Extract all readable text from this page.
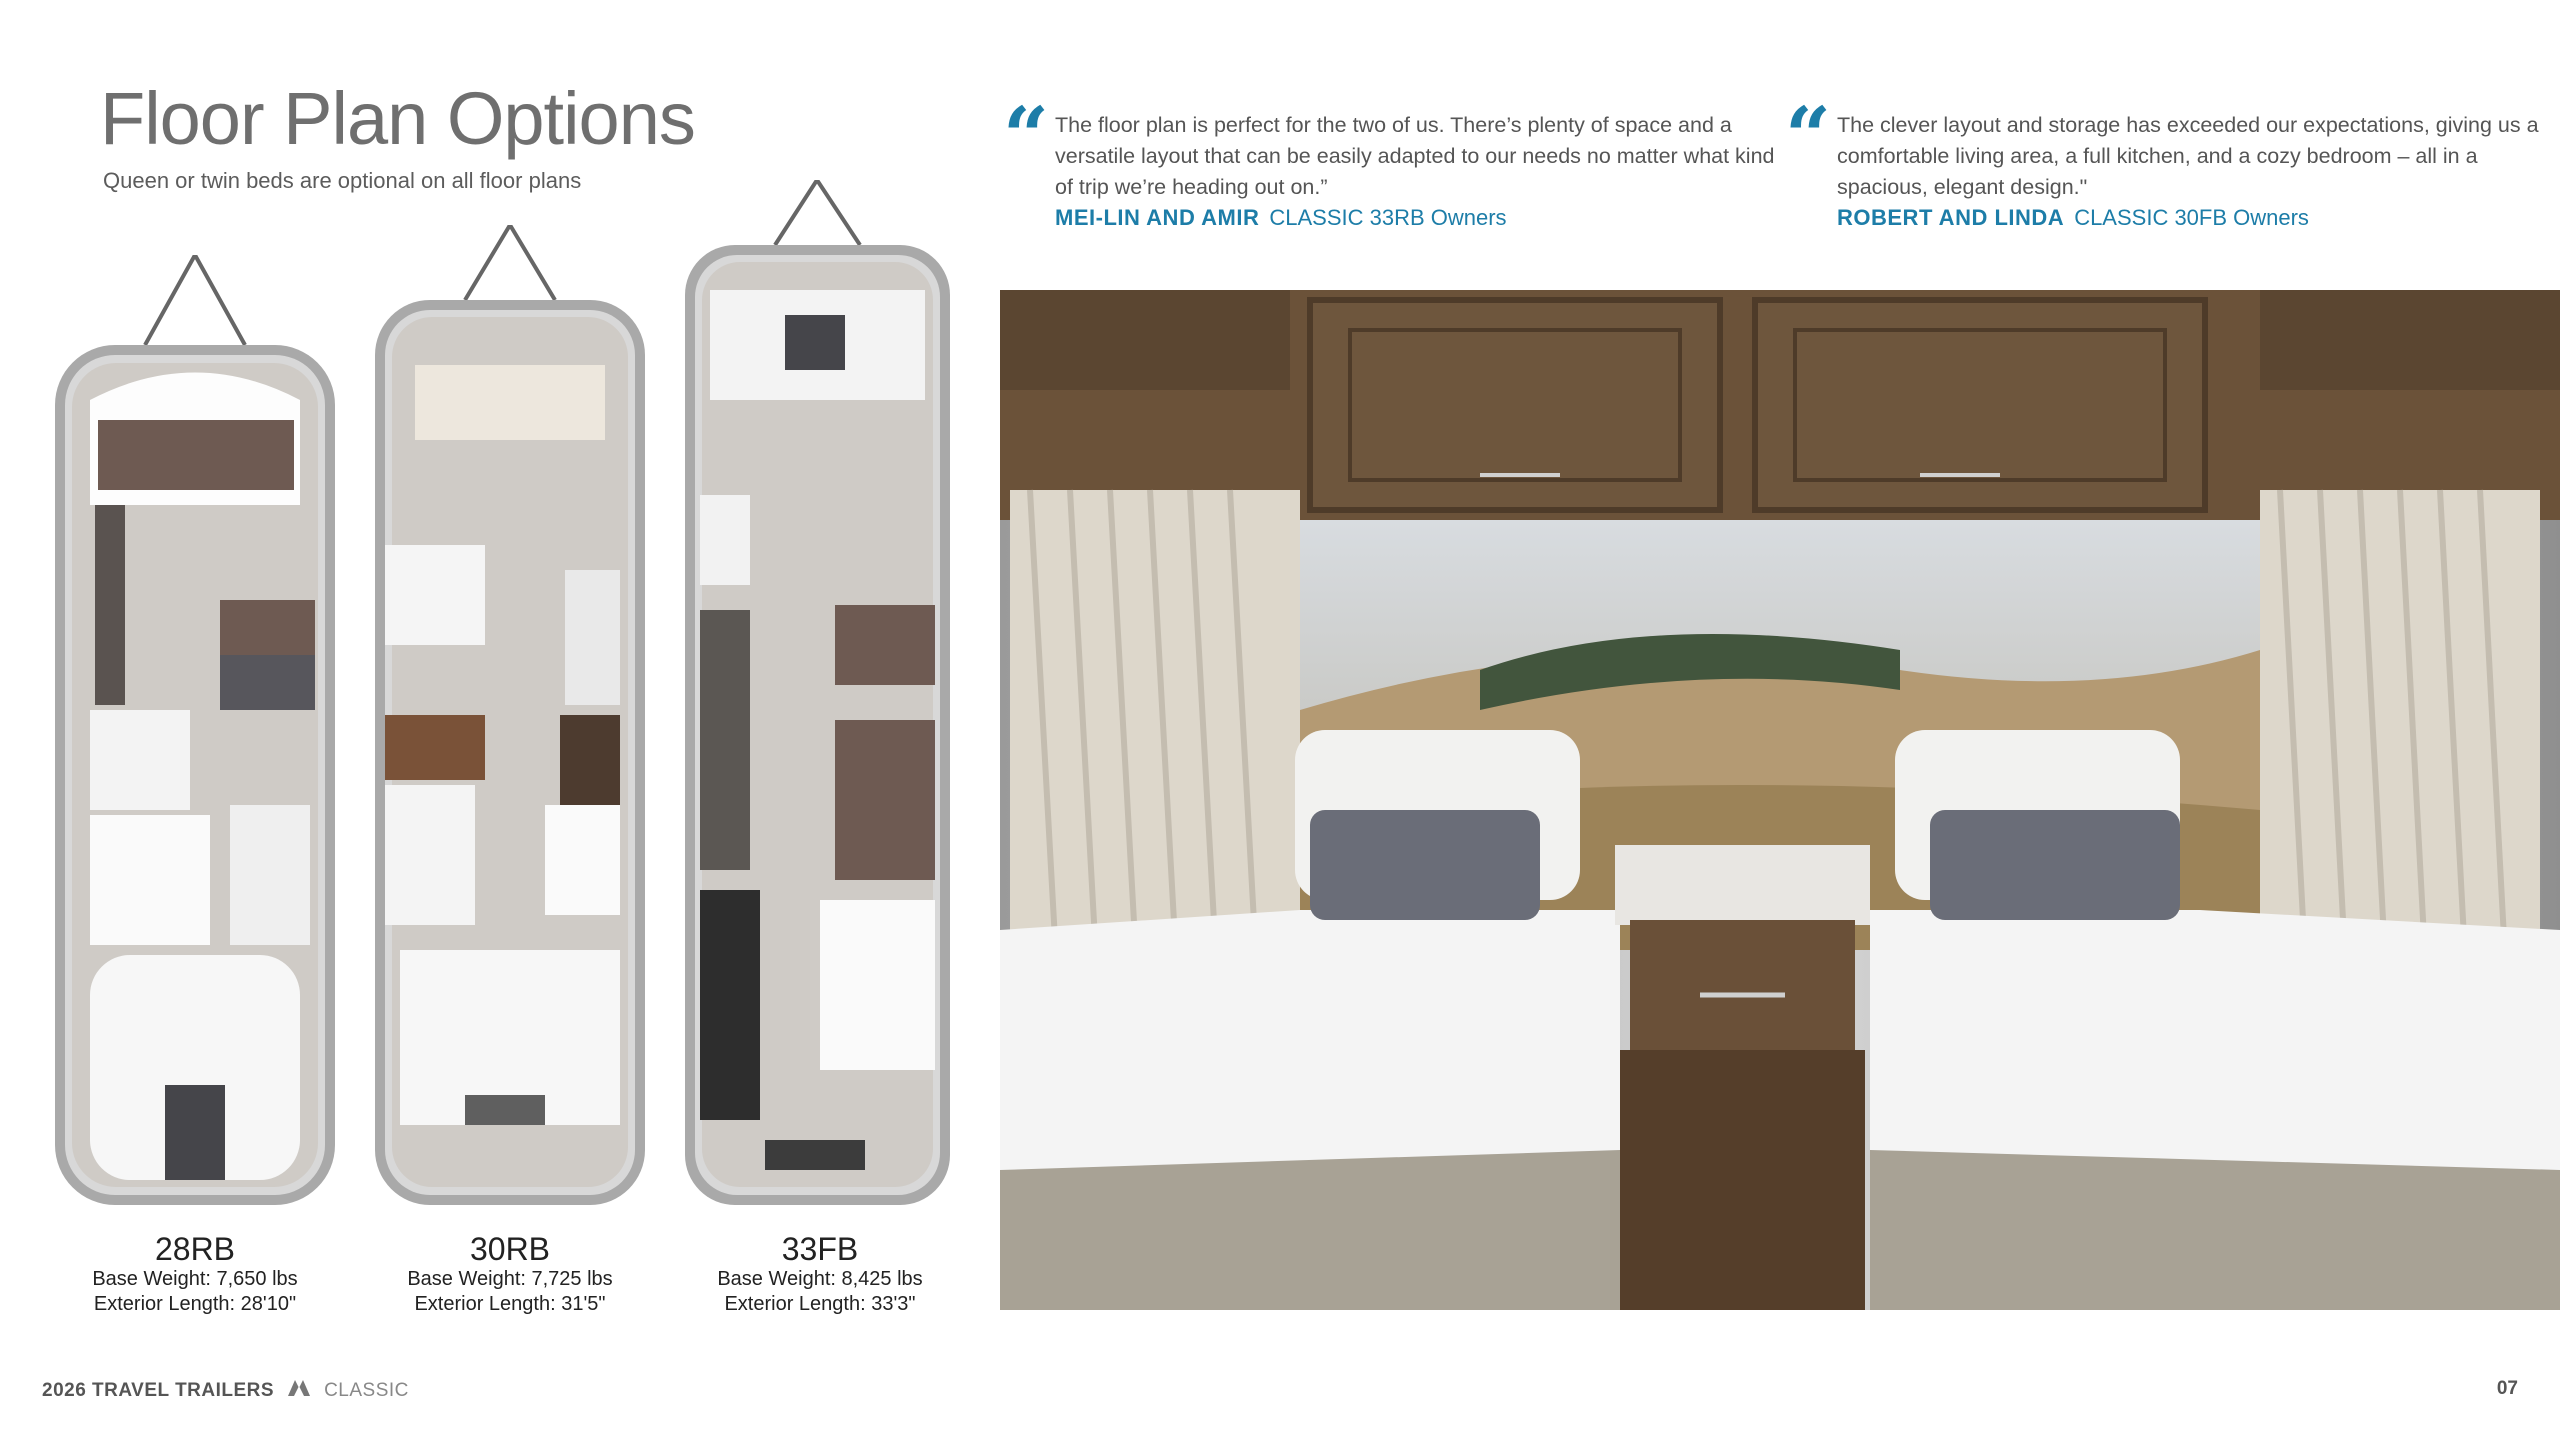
Floor Plan Options

Queen or twin beds are optional on all floor plans

28RB
Base Weight: 7,650 lbs
Exterior Length: 28'10"
30RB
Base Weight: 7,725 lbs
Exterior Length: 31'5"
33FB
Base Weight: 8,425 lbs
Exterior Length: 33'3"
“ The floor plan is perfect for the two of us. There’s plenty of space and a versatile layout that can be easily adapted to our needs no matter what kind of trip we’re heading out on.”

MEI-LIN AND AMIR CLASSIC 33RB Owners

“ The clever layout and storage has exceeded our expectations, giving us a comfortable living area, a full kitchen, and a cozy bedroom – all in a spacious, elegant design."

ROBERT AND LINDA CLASSIC 30FB Owners

2026 TRAVEL TRAILERS	CLASSIC	07
